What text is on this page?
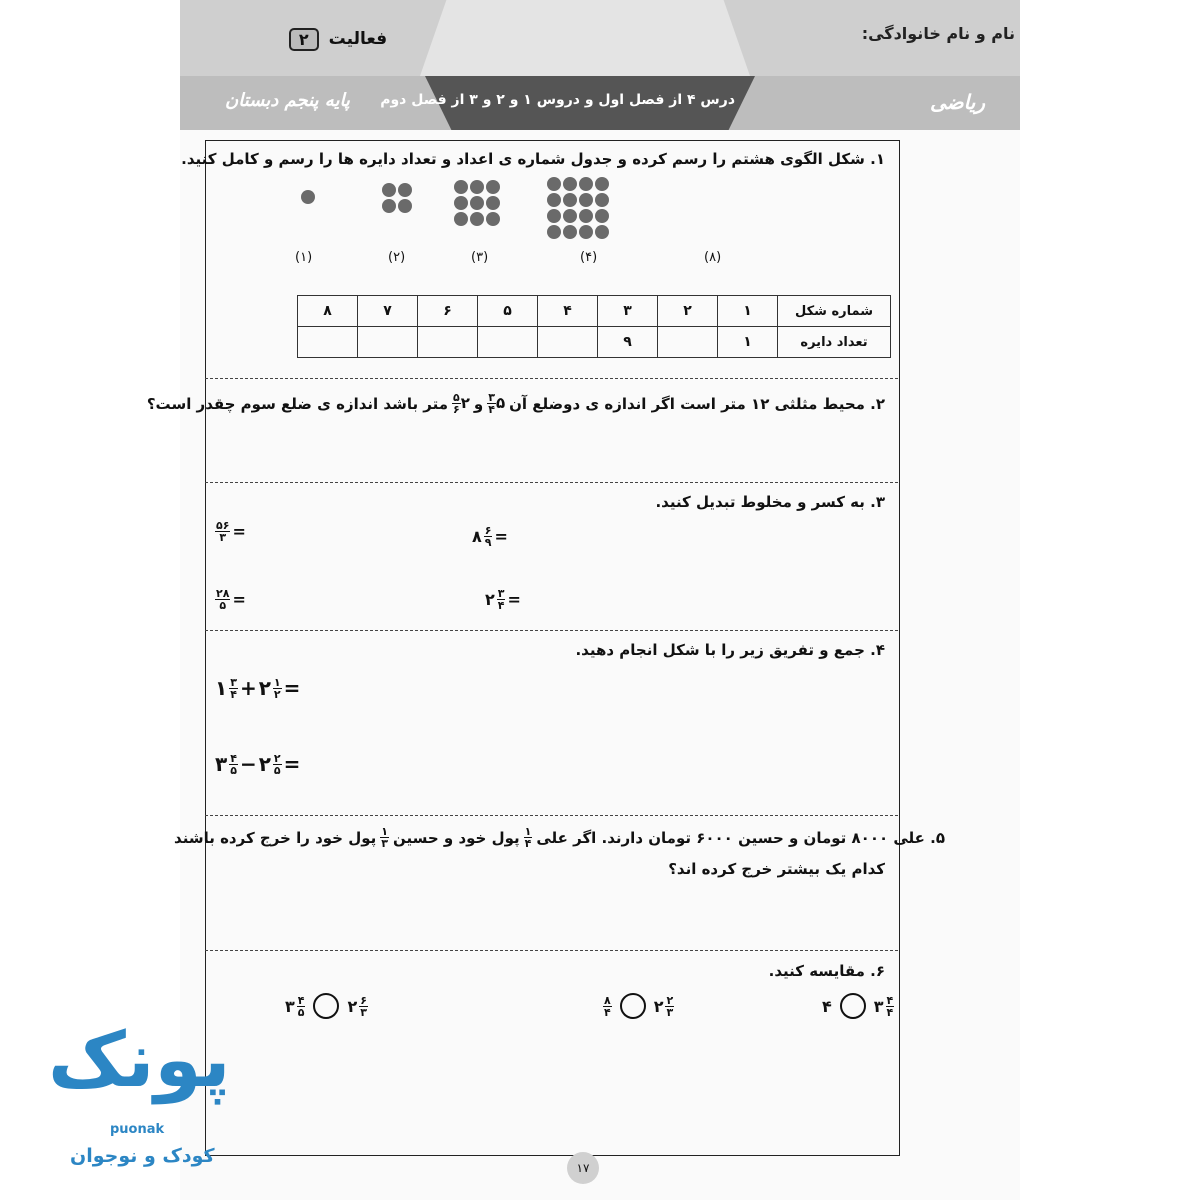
نام و نام خانوادگی:
فعالیت
۲
ریاضی
درس ۴ از فصل اول و دروس ۱ و ۲ و ۳ از فصل دوم
پایه پنجم دبستان
۱. شکل الگوی هشتم را رسم کرده و جدول شماره ی اعداد و تعداد دایره ها را رسم و کامل کنید.
(۱)	(۲)	(۳)	(۴)	(۸)
شماره شکل	۱	۲	۳	۴	۵	۶	۷	۸
تعداد دایره	۱		۹					
۲. محیط مثلثی ۱۲ متر است اگر اندازه ی دوضلع آن
۵
$\frac{۳}{۴}$
و
۲
$\frac{۵}{۶}$
متر باشد اندازه ی ضلع سوم چقدر است؟
۳. به کسر و مخلوط تبدیل کنید.
$\frac{۵۶}{۳}$ =	۸ $\frac{۶}{۹}$ =
$\frac{۲۸}{۵}$ =	۲ $\frac{۳}{۴}$ =
۴. جمع و تفریق زیر را با شکل انجام دهید.
۱ $\frac{۳}{۴}$ + ۲ $\frac{۱}{۲}$ =
۳ $\frac{۴}{۵}$ − ۲ $\frac{۲}{۵}$ =
۵. علی ۸۰۰۰ تومان و حسین ۶۰۰۰ تومان دارند. اگر علی
$\frac{۱}{۴}$
پول خود و حسین
$\frac{۱}{۳}$
پول خود را خرج کرده باشند
کدام یک بیشتر خرج کرده اند؟
۶. مقایسه کنید.
۳ $\frac{۴}{۵}$	۲ $\frac{۶}{۳}$	$\frac{۸}{۴}$	۲ $\frac{۲}{۳}$	۴	۳ $\frac{۴}{۴}$
۱۷
پونک
puonak
کودک و نوجوان
